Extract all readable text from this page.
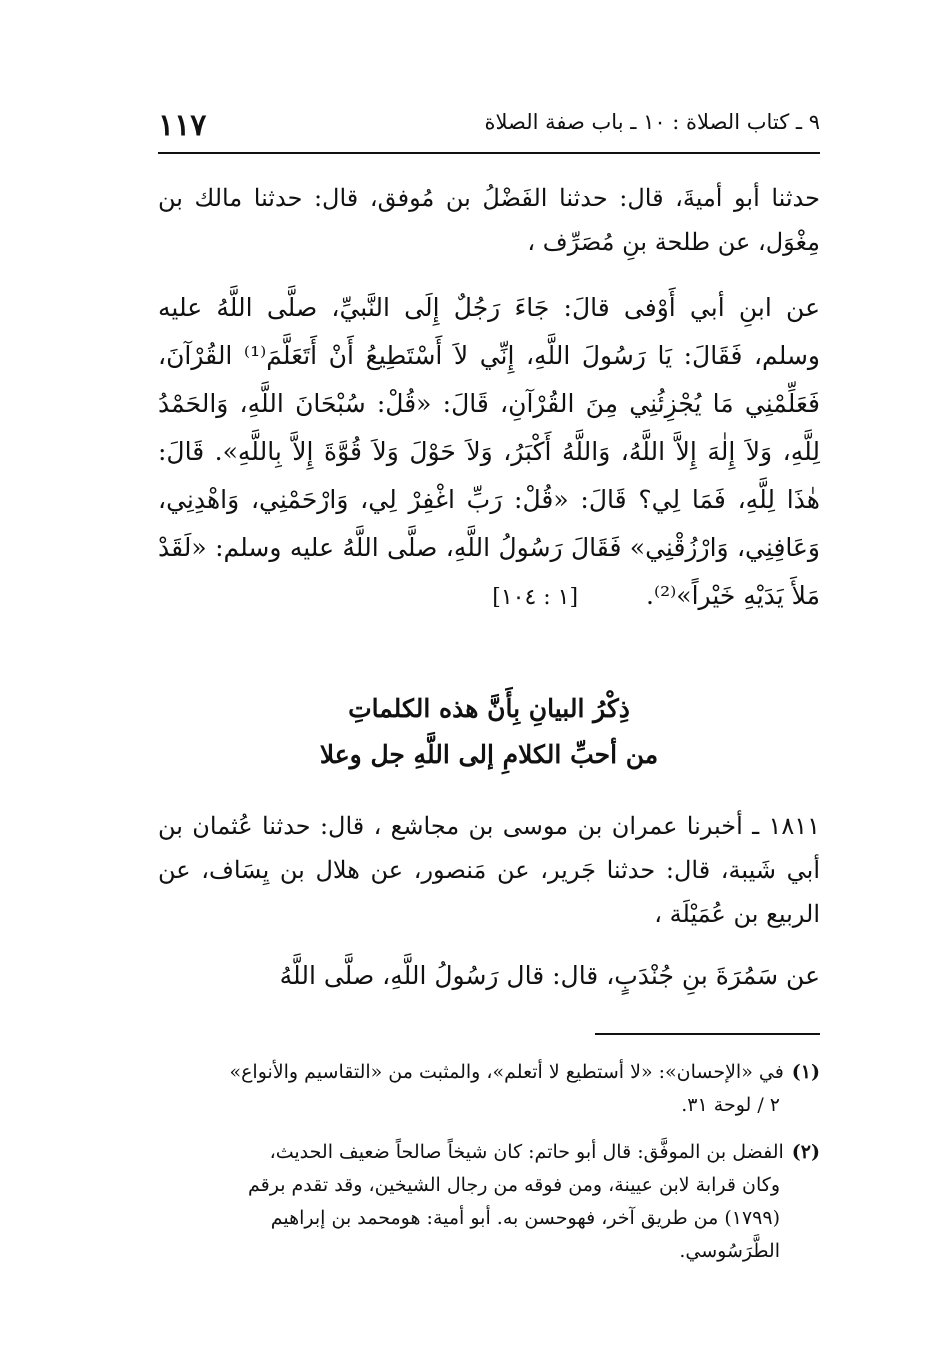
٩ ـ كتاب الصلاة : ١٠ ـ باب صفة الصلاة
١١٧
حدثنا أبو أميةَ، قال: حدثنا الفَضْلُ بن مُوفق، قال: حدثنا مالك بن مِغْوَل، عن طلحة بنِ مُصَرِّف ،
عن ابنِ أبي أَوْفى قالَ: جَاءَ رَجُلٌ إِلَى النَّبيِّ، صلَّى اللَّهُ عليه وسلم، فَقَالَ: يَا رَسُولَ اللَّهِ، إِنِّي لاَ أَسْتَطِيعُ أَنْ أَتَعَلَّمَ⁽¹⁾ القُرْآنَ، فَعَلِّمْنِي مَا يُجْزِئُنِي مِنَ القُرْآنِ، قَالَ: «قُلْ: سُبْحَانَ اللَّهِ، وَالحَمْدُ لِلَّهِ، وَلاَ إِلٰهَ إِلاَّ اللَّهُ، وَاللَّهُ أَكْبَرُ، وَلاَ حَوْلَ وَلاَ قُوَّةَ إِلاَّ بِاللَّهِ». قَالَ: هٰذَا لِلَّهِ، فَمَا لِي؟ قَالَ: «قُلْ: رَبِّ اغْفِرْ لِي، وَارْحَمْنِي، وَاهْدِنِي، وَعَافِنِي، وَارْزُقْنِي» فَقَالَ رَسُولُ اللَّهِ، صلَّى اللَّهُ عليه وسلم: «لَقَدْ مَلأَ يَدَيْهِ خَيْراً»⁽²⁾. [١ : ١٠٤]
ذِكْرُ البيانِ بِأَنَّ هذه الكلماتِ
من أحبِّ الكلامِ إلى اللَّهِ جل وعلا
١٨١١ ـ أخبرنا عمران بن موسى بن مجاشع ، قال: حدثنا عُثمان بن أبي شَيبة، قال: حدثنا جَرير، عن مَنصور، عن هلال بن يِسَاف، عن الربيع بن عُمَيْلَة ،
عن سَمُرَةَ بنِ جُنْدَبٍ، قال: قال رَسُولُ اللَّهِ، صلَّى اللَّهُ
(١)في «الإحسان»: «لا أستطيع لا أتعلم»، والمثبت من «التقاسيم والأنواع»
٢ / لوحة ٣١.
(٢)الفضل بن الموفَّق: قال أبو حاتم: كان شيخاً صالحاً ضعيف الحديث،
وكان قرابة لابن عيينة، ومن فوقه من رجال الشيخين، وقد تقدم برقم
(١٧٩٩) من طريق آخر، فهوحسن به. أبو أمية: هومحمد بن إبراهيم
الطَّرَسُوسي.
